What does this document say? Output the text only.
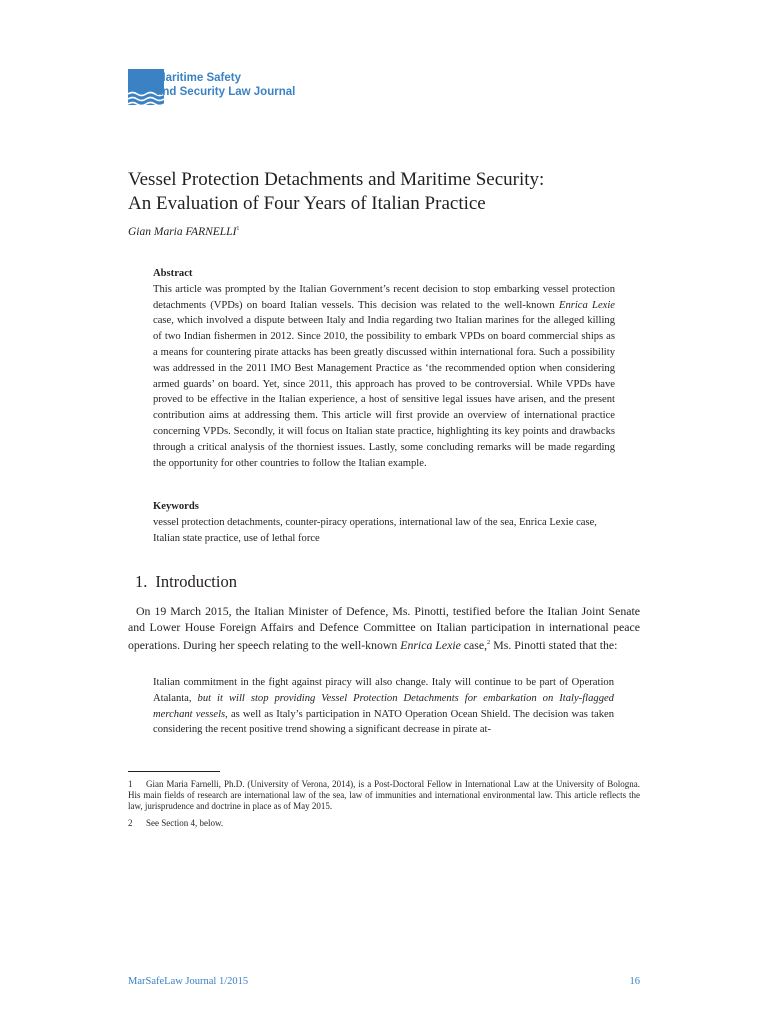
Maritime Safety
and Security Law Journal
Vessel Protection Detachments and Maritime Security:
An Evaluation of Four Years of Italian Practice
Gian Maria FARNELLI$^1$
Abstract

This article was prompted by the Italian Government’s recent decision to stop embarking vessel protection detachments (VPDs) on board Italian vessels. This decision was related to the well-known Enrica Lexie case, which involved a dispute between Italy and India regarding two Italian marines for the alleged killing of two Indian fishermen in 2012. Since 2010, the possibility to embark VPDs on board commercial ships as a means for countering pirate attacks has been greatly discussed within international fora. Such a possibility was addressed in the 2011 IMO Best Management Practice as ‘the recommended option when considering armed guards’ on board. Yet, since 2011, this approach has proved to be controversial. While VPDs have proved to be effective in the Italian experience, a host of sensitive legal issues have arisen, and the present contribution aims at addressing them. This article will first provide an overview of international practice concerning VPDs. Secondly, it will focus on Italian state practice, highlighting its key points and drawbacks through a critical analysis of the thorniest issues. Lastly, some concluding remarks will be made regarding the opportunity for other countries to follow the Italian example.

Keywords
vessel protection detachments, counter-piracy operations, international law of the sea, Enrica Lexie case, Italian state practice, use of lethal force
1. Introduction

On 19 March 2015, the Italian Minister of Defence, Ms. Pinotti, testified before the Italian Joint Senate and Lower House Foreign Affairs and Defence Committee on Italian participation in international peace operations. During her speech relating to the well-known Enrica Lexie case,$^2$ Ms. Pinotti stated that the:

Italian commitment in the fight against piracy will also change. Italy will continue to be part of Operation Atalanta, but it will stop providing Vessel Protection Detachments for embarkation on Italy-flagged merchant vessels, as well as Italy’s participation in NATO Operation Ocean Shield. The decision was taken considering the recent positive trend showing a significant decrease in pirate at-

1 Gian Maria Farnelli, Ph.D. (University of Verona, 2014), is a Post-Doctoral Fellow in International Law at the University of Bologna. His main fields of research are international law of the sea, law of immunities and international environmental law. This article reflects the law, jurisprudence and doctrine in place as of May 2015.

2 See Section 4, below.

MarSafeLaw Journal 1/2015	16
